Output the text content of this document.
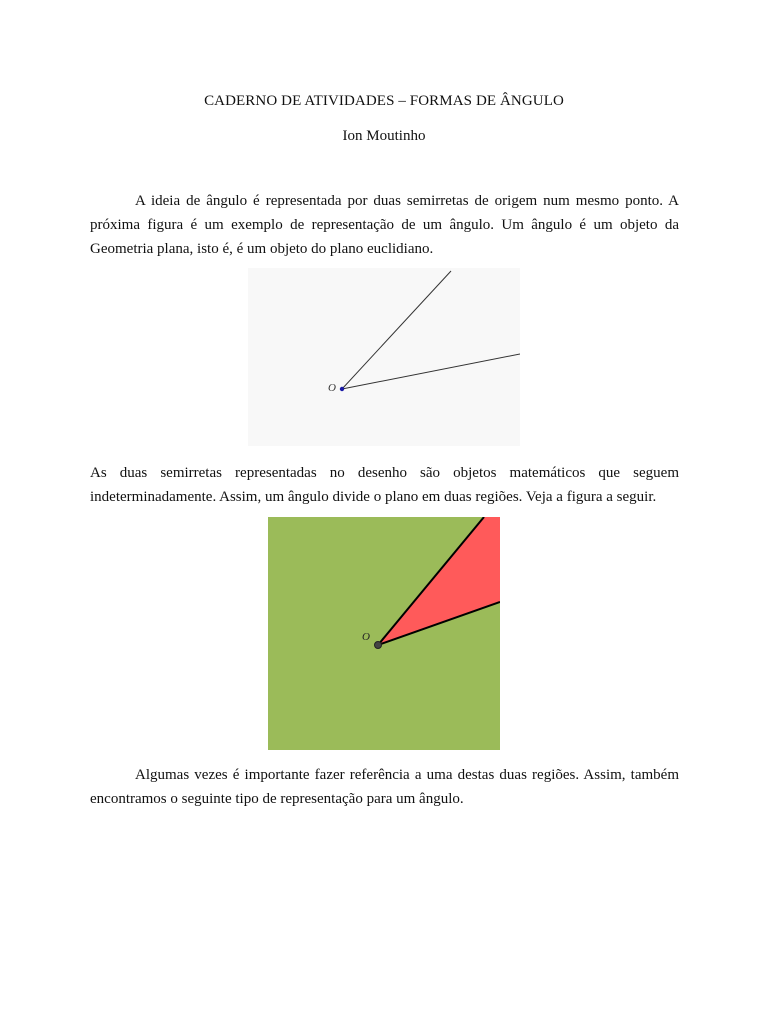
CADERNO DE ATIVIDADES – FORMAS DE ÂNGULO
Ion Moutinho

A ideia de ângulo é representada por duas semirretas de origem num mesmo ponto. A próxima figura é um exemplo de representação de um ângulo. Um ângulo é um objeto da Geometria plana, isto é, é um objeto do plano euclidiano.

O

As duas semirretas representadas no desenho são objetos matemáticos que seguem indeterminadamente. Assim, um ângulo divide o plano em duas regiões. Veja a figura a seguir.

O

Algumas vezes é importante fazer referência a uma destas duas regiões. Assim, também encontramos o seguinte tipo de representação para um ângulo.
